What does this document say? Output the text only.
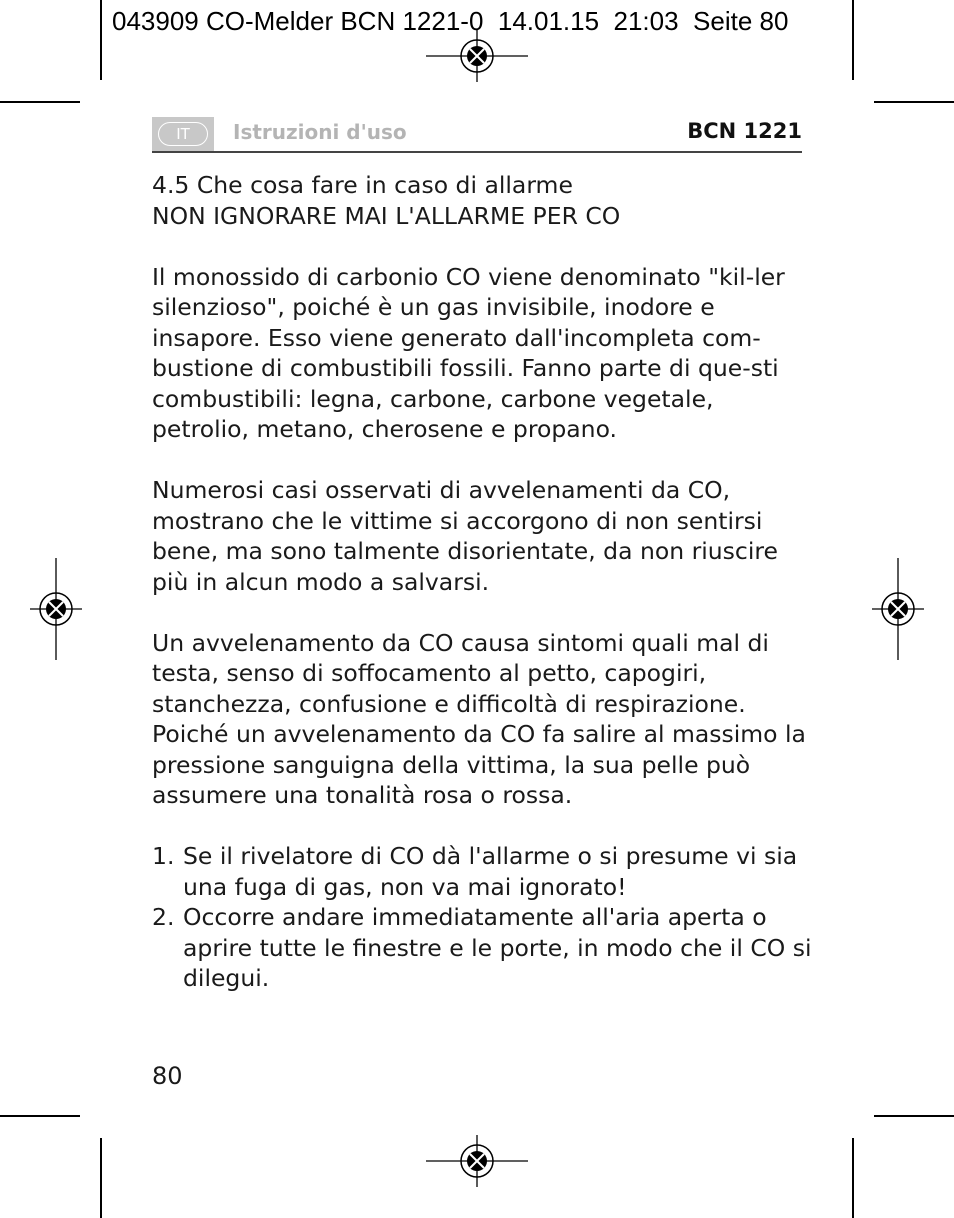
043909 CO-Melder BCN 1221-0  14.01.15  21:03  Seite 80
IT	Istruzioni d'uso	BCN 1221

4.5 Che cosa fare in caso di allarme

NON IGNORARE MAI L'ALLARME PER CO

Il monossido di carbonio CO viene denominato "kil-ler silenzioso", poiché è un gas invisibile, inodore e insapore. Esso viene generato dall'incompleta com-bustione di combustibili fossili. Fanno parte di que-sti combustibili: legna, carbone, carbone vegetale, petrolio, metano, cherosene e propano.

Numerosi casi osservati di avvelenamenti da CO, mostrano che le vittime si accorgono di non sentirsi bene, ma sono talmente disorientate, da non riuscire più in alcun modo a salvarsi.

Un avvelenamento da CO causa sintomi quali mal di testa, senso di soffocamento al petto, capogiri, stanchezza, confusione e difficoltà di respirazione. Poiché un avvelenamento da CO fa salire al massimo la pressione sanguigna della vittima, la sua pelle può assumere una tonalità rosa o rossa.

1. Se il rivelatore di CO dà l'allarme o si presume vi sia una fuga di gas, non va mai ignorato!
2. Occorre andare immediatamente all'aria aperta o aprire tutte le finestre e le porte, in modo che il CO si dilegui.
80
